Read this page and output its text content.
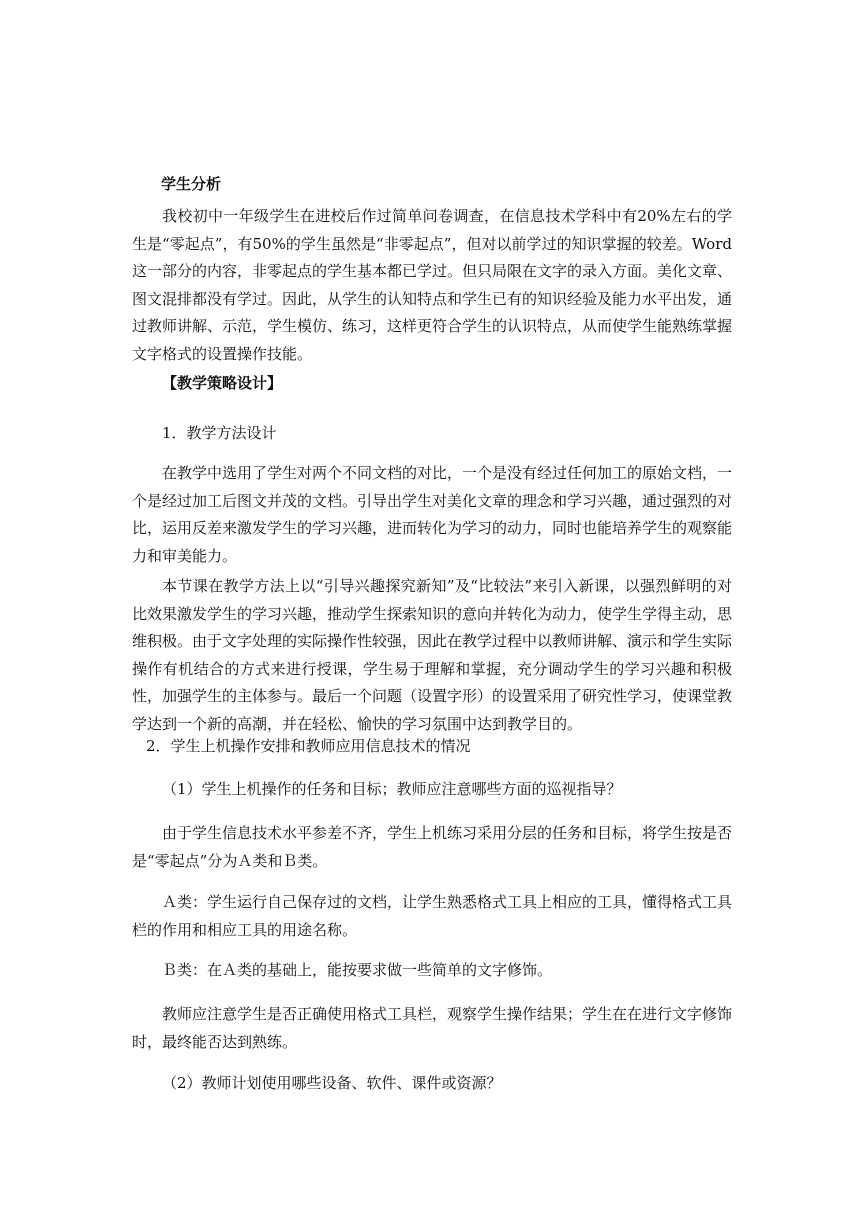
学生分析

我校初中一年级学生在进校后作过简单问卷调查，在信息技术学科中有20%左右的学生是“零起点”，有50%的学生虽然是“非零起点”，但对以前学过的知识掌握的较差。Word这一部分的内容，非零起点的学生基本都已学过。但只局限在文字的录入方面。美化文章、图文混排都没有学过。因此，从学生的认知特点和学生已有的知识经验及能力水平出发，通过教师讲解、示范，学生模仿、练习，这样更符合学生的认识特点，从而使学生能熟练掌握文字格式的设置操作技能。

【教学策略设计】

1．教学方法设计

在教学中选用了学生对两个不同文档的对比，一个是没有经过任何加工的原始文档，一个是经过加工后图文并茂的文档。引导出学生对美化文章的理念和学习兴趣，通过强烈的对比，运用反差来激发学生的学习兴趣，进而转化为学习的动力，同时也能培养学生的观察能力和审美能力。

本节课在教学方法上以“引导兴趣探究新知”及“比较法”来引入新课，以强烈鲜明的对比效果激发学生的学习兴趣，推动学生探索知识的意向并转化为动力，使学生学得主动，思维积极。由于文字处理的实际操作性较强，因此在教学过程中以教师讲解、演示和学生实际操作有机结合的方式来进行授课，学生易于理解和掌握，充分调动学生的学习兴趣和积极性，加强学生的主体参与。最后一个问题（设置字形）的设置采用了研究性学习，使课堂教学达到一个新的高潮，并在轻松、愉快的学习氛围中达到教学目的。

2．学生上机操作安排和教师应用信息技术的情况

（1）学生上机操作的任务和目标；教师应注意哪些方面的巡视指导？

由于学生信息技术水平参差不齐，学生上机练习采用分层的任务和目标，将学生按是否是“零起点”分为Ａ类和Ｂ类。

Ａ类：学生运行自己保存过的文档，让学生熟悉格式工具上相应的工具，懂得格式工具栏的作用和相应工具的用途名称。

Ｂ类：在Ａ类的基础上，能按要求做一些简单的文字修饰。

教师应注意学生是否正确使用格式工具栏，观察学生操作结果；学生在在进行文字修饰时，最终能否达到熟练。

（2）教师计划使用哪些设备、软件、课件或资源？
